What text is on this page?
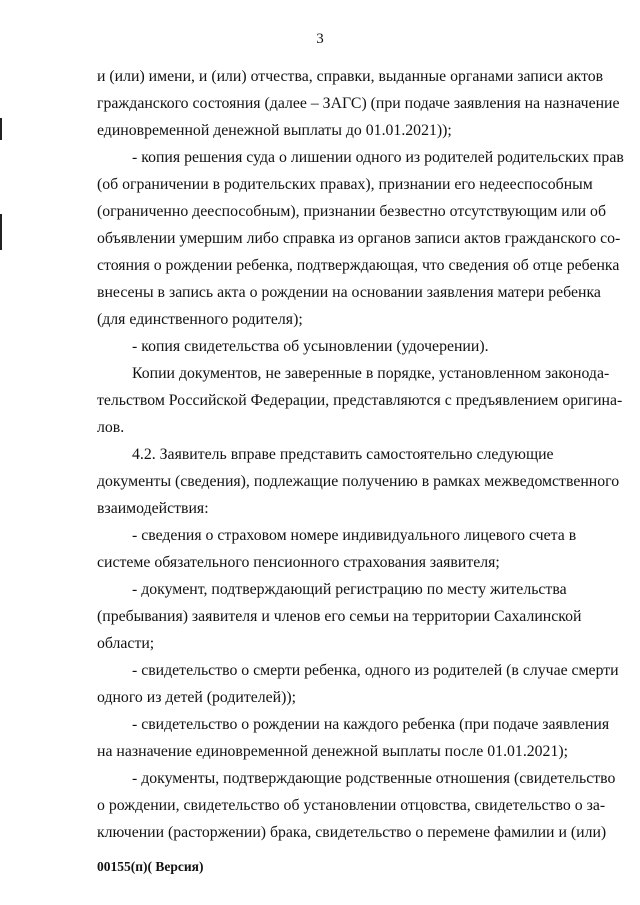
3
и (или) имени, и (или) отчества, справки, выданные органами записи актов
гражданского состояния (далее – ЗАГС) (при подаче заявления на назначение
единовременной денежной выплаты до 01.01.2021));
- копия решения суда о лишении одного из родителей родительских прав
(об ограничении в родительских правах), признании его недееспособным
(ограниченно дееспособным), признании безвестно отсутствующим или об
объявлении умершим либо справка из органов записи актов гражданского со-
стояния о рождении ребенка, подтверждающая, что сведения об отце ребенка
внесены в запись акта о рождении на основании заявления матери ребенка
(для единственного родителя);
- копия свидетельства об усыновлении (удочерении).
Копии документов, не заверенные в порядке, установленном законода-
тельством Российской Федерации, представляются с предъявлением оригина-
лов.
4.2. Заявитель вправе представить самостоятельно следующие
документы (сведения), подлежащие получению в рамках межведомственного
взаимодействия:
- сведения о страховом номере индивидуального лицевого счета в
системе обязательного пенсионного страхования заявителя;
- документ, подтверждающий регистрацию по месту жительства
(пребывания) заявителя и членов его семьи на территории Сахалинской
области;
- свидетельство о смерти ребенка, одного из родителей (в случае смерти
одного из детей (родителей));
- свидетельство о рождении на каждого ребенка (при подаче заявления
на назначение единовременной денежной выплаты после 01.01.2021);
- документы, подтверждающие родственные отношения (свидетельство
о рождении, свидетельство об установлении отцовства, свидетельство о за-
ключении (расторжении) брака, свидетельство о перемене фамилии и (или)
00155(п)( Версия)
